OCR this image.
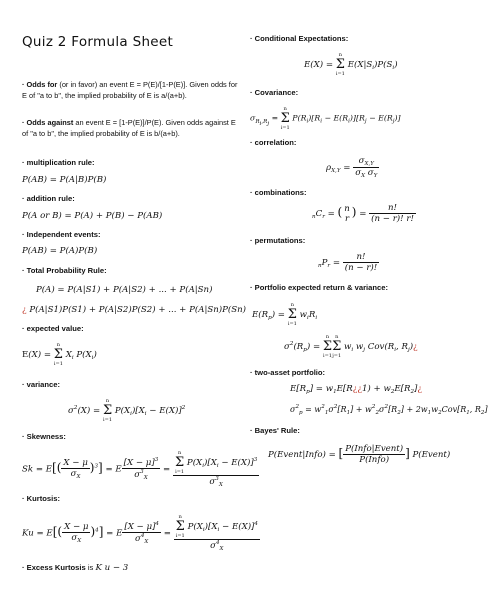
Quiz 2 Formula Sheet
· Odds for (or in favor) an event E = P(E)/[1-P(E)]. Given odds for E of "a to b", the implied probability of E is a/(a+b).
· Odds against an event E = [1-P(E)]/P(E). Given odds against E of "a to b", the implied probability of E is b/(a+b).
· multiplication rule:
P(AB) = P(A|B)P(B)
· addition rule:
P(A or B) = P(A) + P(B) − P(AB)
· Independent events:
P(AB) = P(A)P(B)
· Total Probability Rule:
P(A) = P(A|S1) + P(A|S2) + ... + P(A|Sn)
¿ P(A|S1)P(S1) + P(A|S2)P(S2) + ... + P(A|Sn)P(Sn)
· expected value:
E(X) =
n
Σ
i=1
$X_i$ $P(X_i)$
· variance:
$\sigma^2(X)$ =
n
Σ
i=1
$P(X_i)[X_i - E(X)]^2$
· Skewness:
$Sk = E[( \frac{X - \mu}{\sigma_X} )^3] = E \frac{[X - \mu]^3}{\sigma^3_X} = n$
Σ
i=1
$P(X_i)[X_i - E(X)]^3$
$\sigma^3_X$
· Kurtosis:
$Ku = E[( \frac{X - \mu}{\sigma_X} )^4] = E \frac{[X - \mu]^4}{\sigma^4_X} = n$
Σ
i=1
$P(X_i)[X_i - E(X)]^4$
$\sigma^4_X$
· Excess Kurtosis is K u − 3
· Conditional Expectations:
E(X) =
n
Σ
i=1
$E(X|S_i)P(S_i)$
· Covariance:
$\sigma_{Ri,Rj}$ =
n
Σ
i=1
$P(R_i)[R_i - E(R_i)][R_j - E(R_j)]$
· correlation:
$\rho_{X,Y} = \frac{\sigma_{X,Y}}{\sigma_X \sigma_Y}$
· combinations:
$_nC_r$ = ( n
r ) = $\frac{n!}{(n - r)! r!}$
· permutations:
$_nP_r = \frac{n!}{(n - r)!}$
· Portfolio expected return & variance:
$E(R_p)$ =
n
Σ
i=1
$w_iR_i$
$\sigma^2(R_p)$ =
n
Σ
i=1
n
Σ
j=1
$w_i$ $w_j$ $Cov(R_i$, $R_j)¿$
· two-asset portfolio:
$E[R_p]$ = $w_1E[R¿¿1)$ + $w_2E[R_2]¿$
$\sigma^2_p = w^2_1\sigma^2[R_1] + w^2_2\sigma^2[R_2] + 2w_1w_2Cov[R_1$, $R_2$]
· Bayes' Rule:
P(Event|Info) = [ $\frac{\text{P(Info|Event)}}{\text{P(Info)}}$ ] P(Event)
